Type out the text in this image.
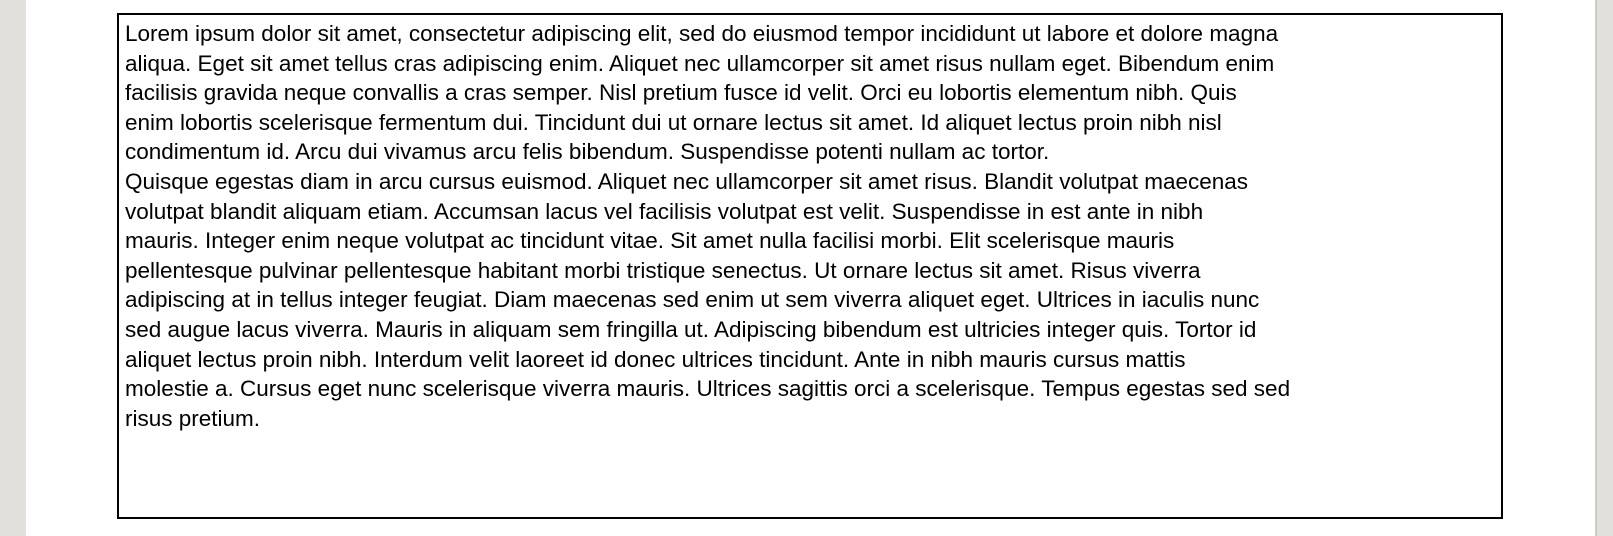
Lorem ipsum dolor sit amet, consectetur adipiscing elit, sed do eiusmod tempor incididunt ut labore et dolore magna
aliqua. Eget sit amet tellus cras adipiscing enim. Aliquet nec ullamcorper sit amet risus nullam eget. Bibendum enim
facilisis gravida neque convallis a cras semper. Nisl pretium fusce id velit. Orci eu lobortis elementum nibh. Quis
enim lobortis scelerisque fermentum dui. Tincidunt dui ut ornare lectus sit amet. Id aliquet lectus proin nibh nisl
condimentum id. Arcu dui vivamus arcu felis bibendum. Suspendisse potenti nullam ac tortor.
Quisque egestas diam in arcu cursus euismod. Aliquet nec ullamcorper sit amet risus. Blandit volutpat maecenas
volutpat blandit aliquam etiam. Accumsan lacus vel facilisis volutpat est velit. Suspendisse in est ante in nibh
mauris. Integer enim neque volutpat ac tincidunt vitae. Sit amet nulla facilisi morbi. Elit scelerisque mauris
pellentesque pulvinar pellentesque habitant morbi tristique senectus. Ut ornare lectus sit amet. Risus viverra
adipiscing at in tellus integer feugiat. Diam maecenas sed enim ut sem viverra aliquet eget. Ultrices in iaculis nunc
sed augue lacus viverra. Mauris in aliquam sem fringilla ut. Adipiscing bibendum est ultricies integer quis. Tortor id
aliquet lectus proin nibh. Interdum velit laoreet id donec ultrices tincidunt. Ante in nibh mauris cursus mattis
molestie a. Cursus eget nunc scelerisque viverra mauris. Ultrices sagittis orci a scelerisque. Tempus egestas sed sed
risus pretium.
